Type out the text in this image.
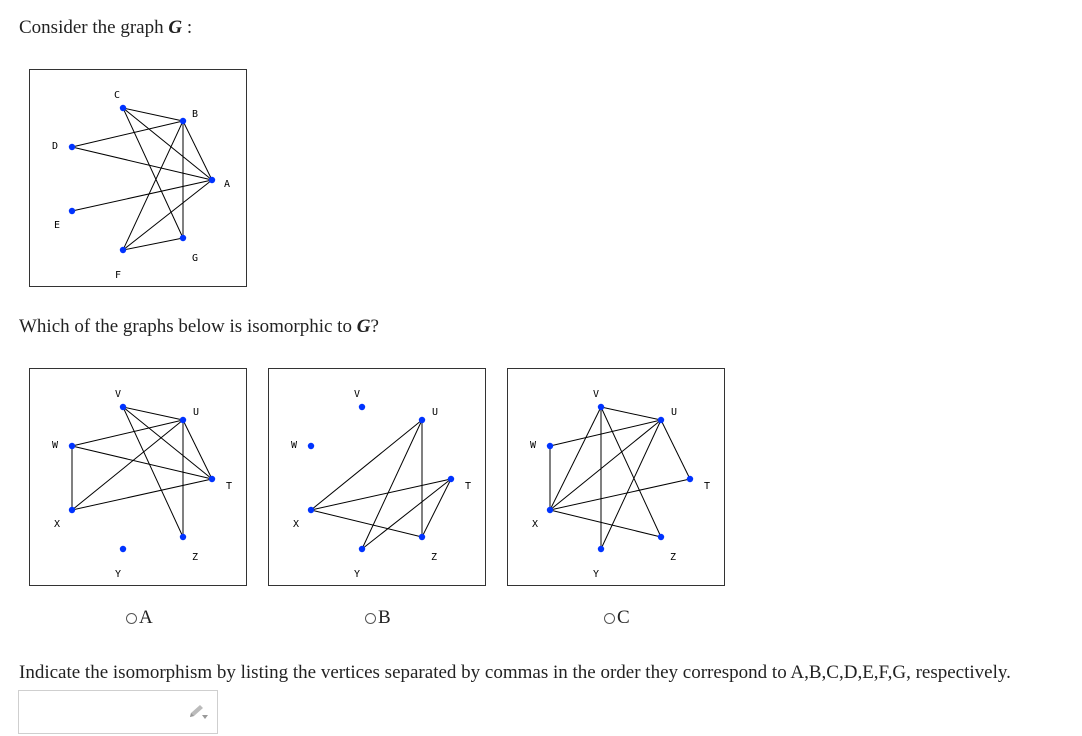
Consider the graph G :

A
B
C
D
E
F
G

Which of the graphs below is isomorphic to G?

T
U
V
W
X
Y
Z
T
U
V
W
X
Y
Z
T
U
V
W
X
Y
Z
A	B	C

Indicate the isomorphism by listing the vertices separated by commas in the order they correspond to A,B,C,D,E,F,G, respectively.
